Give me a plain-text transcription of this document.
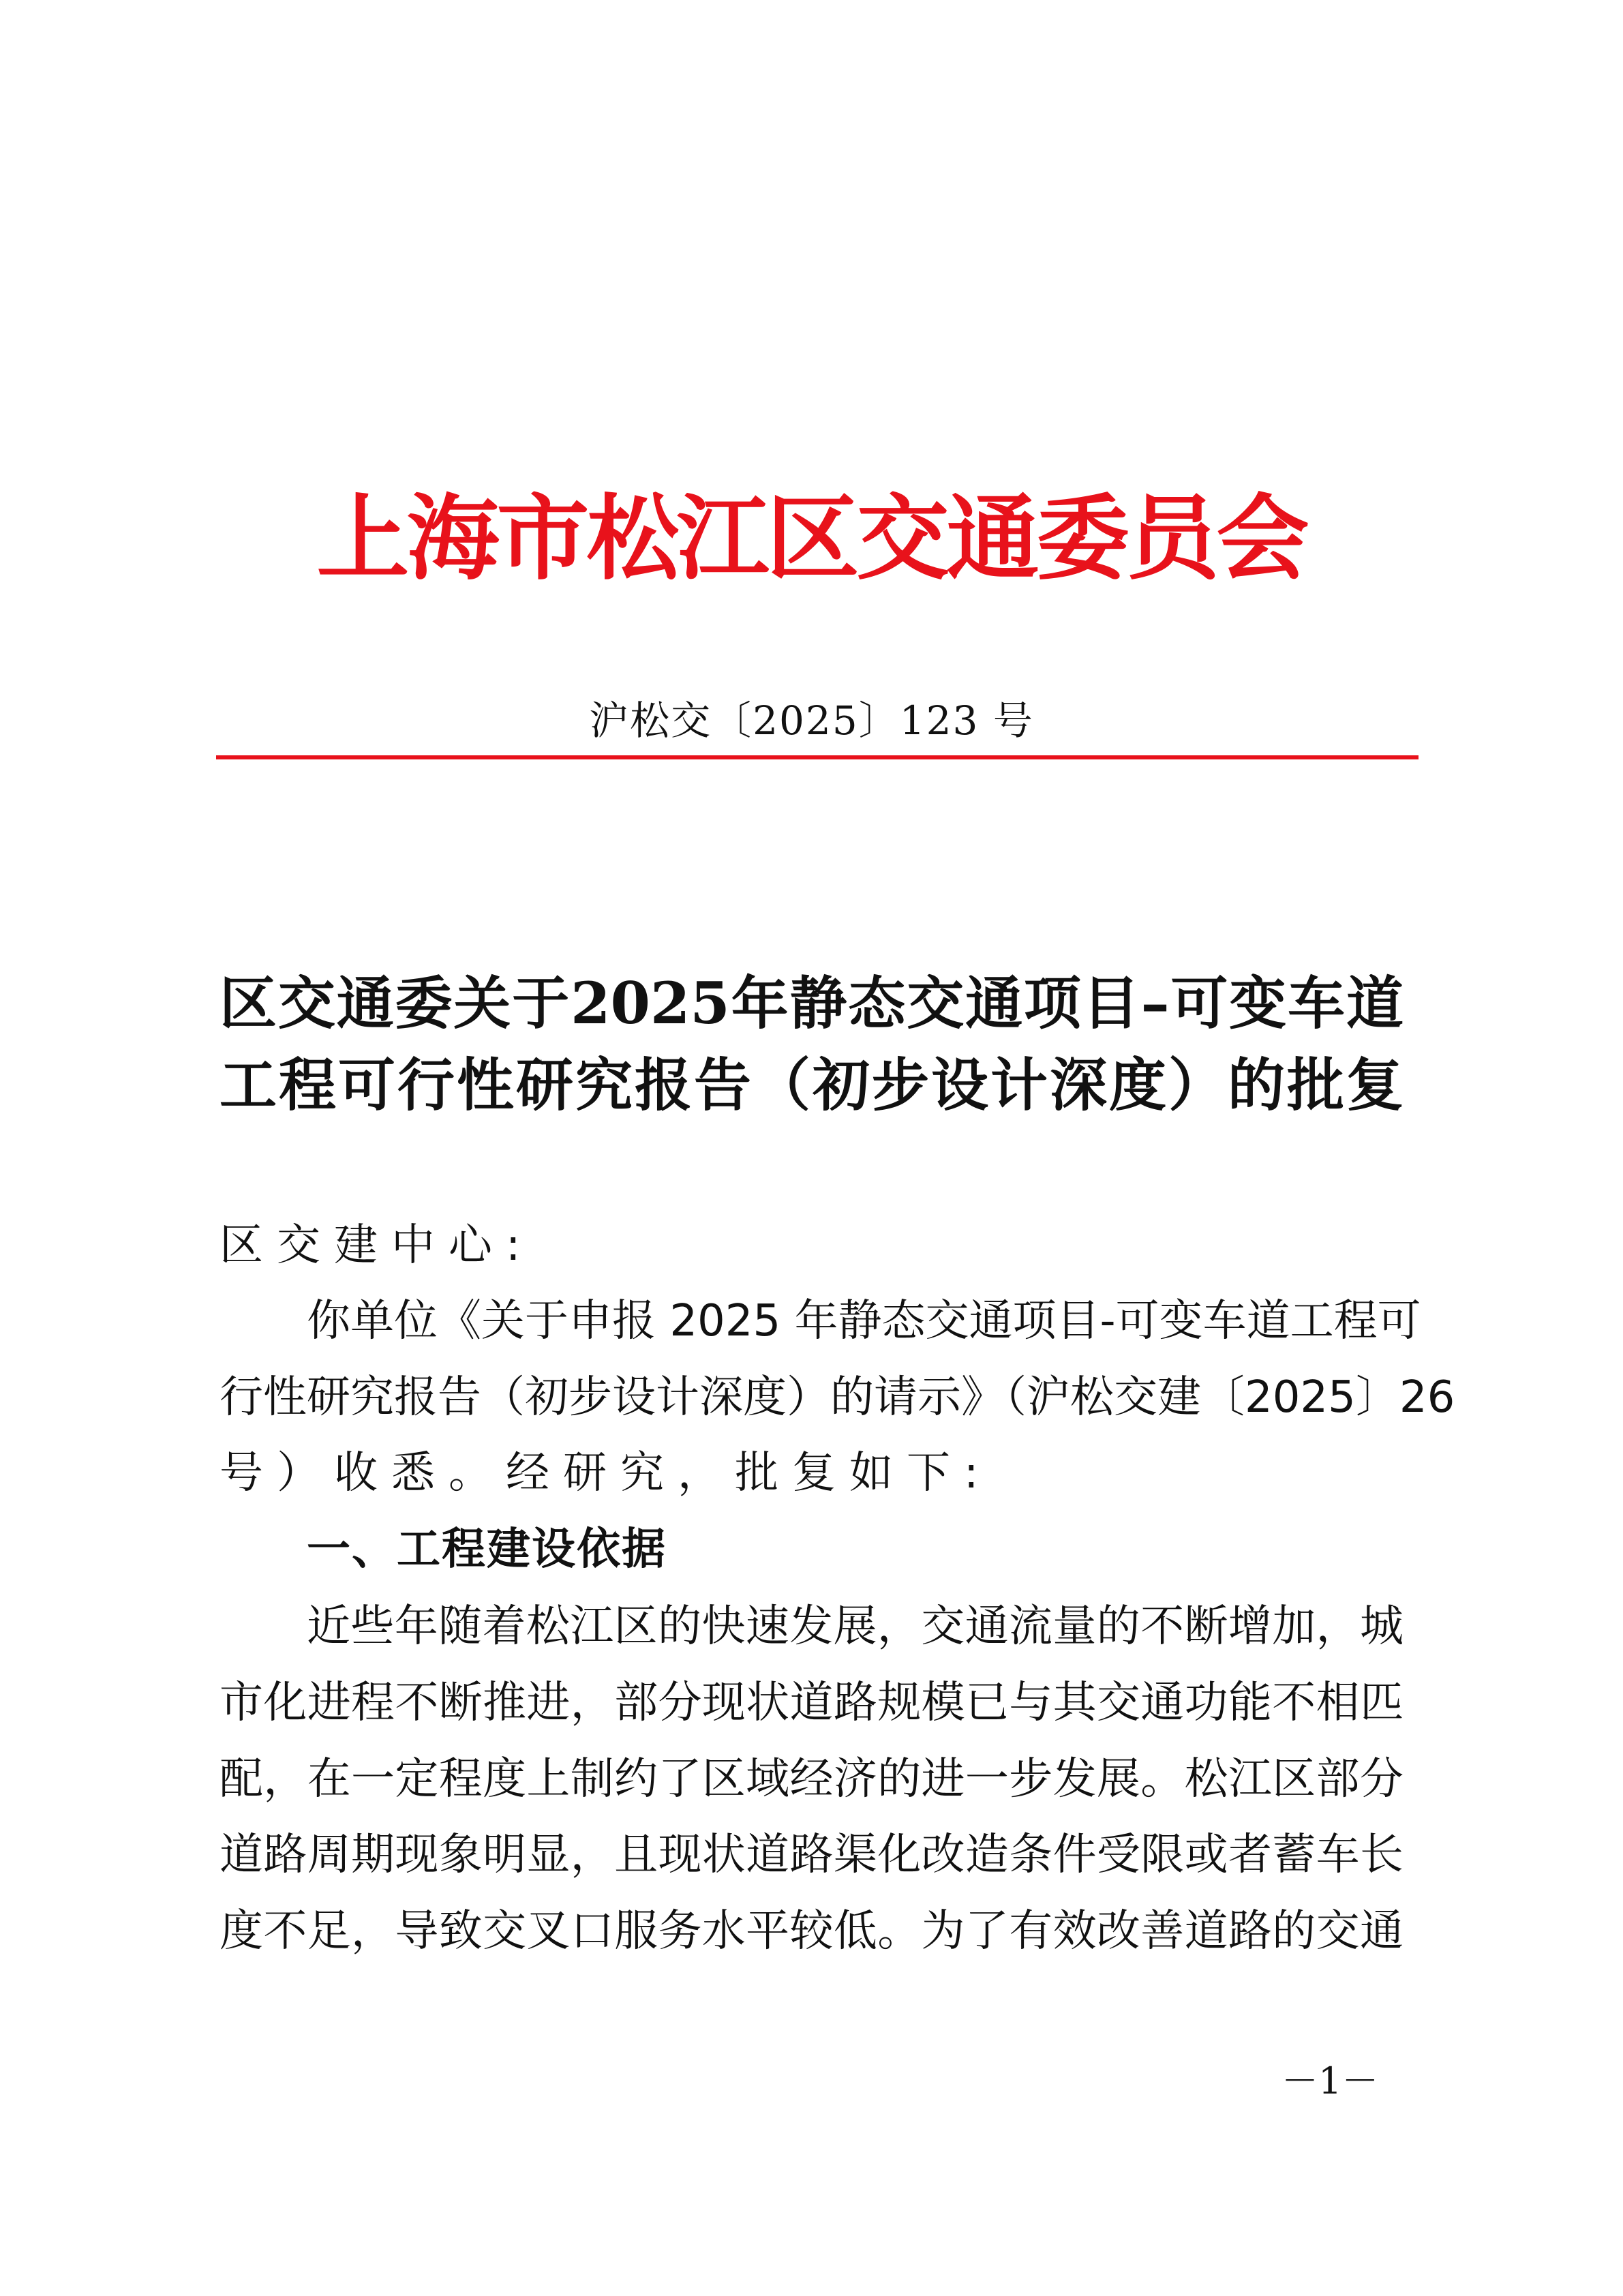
上海市松江区交通委员会
沪松交〔2025〕123 号
区交通委关于2025年静态交通项目–可变车道
工程可行性研究报告（初步设计深度）的批复
区交建中心:
你单位《关于申报 2025 年静态交通项目-可变车道工程可
行性研究报告（初步设计深度）的请示》（沪松交建〔2025〕26
号）收悉。经研究，批复如下:
一、工程建设依据
近些年随着松江区的快速发展，交通流量的不断增加，城
市化进程不断推进，部分现状道路规模已与其交通功能不相匹
配，在一定程度上制约了区域经济的进一步发展。松江区部分
道路周期现象明显，且现状道路渠化改造条件受限或者蓄车长
度不足，导致交叉口服务水平较低。为了有效改善道路的交通
－1－
